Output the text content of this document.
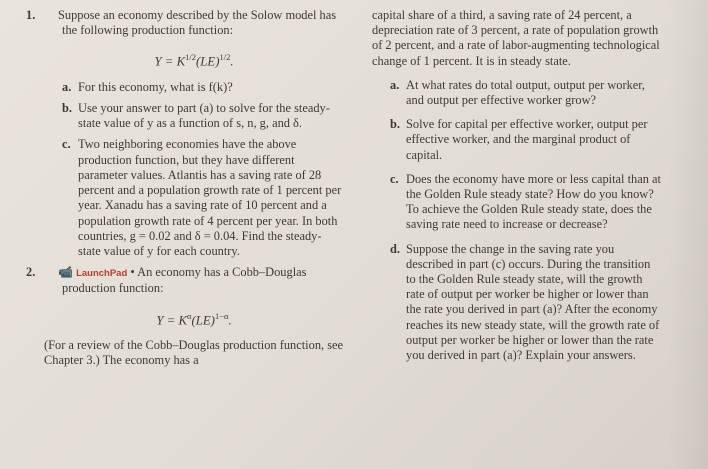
1. Suppose an economy described by the Solow model has the following production function:

$Y = K^{1/2}(LE)^{1/2}$.

a. For this economy, what is f(k)?

b. Use your answer to part (a) to solve for the steady-state value of y as a function of s, n, g, and δ.

c. Two neighboring economies have the above production function, but they have different parameter values. Atlantis has a saving rate of 28 percent and a population growth rate of 1 percent per year. Xanadu has a saving rate of 10 percent and a population growth rate of 4 percent per year. In both countries, g = 0.02 and δ = 0.04. Find the steady-state value of y for each country.

2. 📹 LaunchPad • An economy has a Cobb–Douglas production function:

$Y = K^\alpha(LE)^{1-\alpha}$.

(For a review of the Cobb–Douglas production function, see Chapter 3.) The economy has a

capital share of a third, a saving rate of 24 percent, a depreciation rate of 3 percent, a rate of population growth of 2 percent, and a rate of labor-augmenting technological change of 1 percent. It is in steady state.

a. At what rates do total output, output per worker, and output per effective worker grow?

b. Solve for capital per effective worker, output per effective worker, and the marginal product of capital.

c. Does the economy have more or less capital than at the Golden Rule steady state? How do you know? To achieve the Golden Rule steady state, does the saving rate need to increase or decrease?

d. Suppose the change in the saving rate you described in part (c) occurs. During the transition to the Golden Rule steady state, will the growth rate of output per worker be higher or lower than the rate you derived in part (a)? After the economy reaches its new steady state, will the growth rate of output per worker be higher or lower than the rate you derived in part (a)? Explain your answers.
